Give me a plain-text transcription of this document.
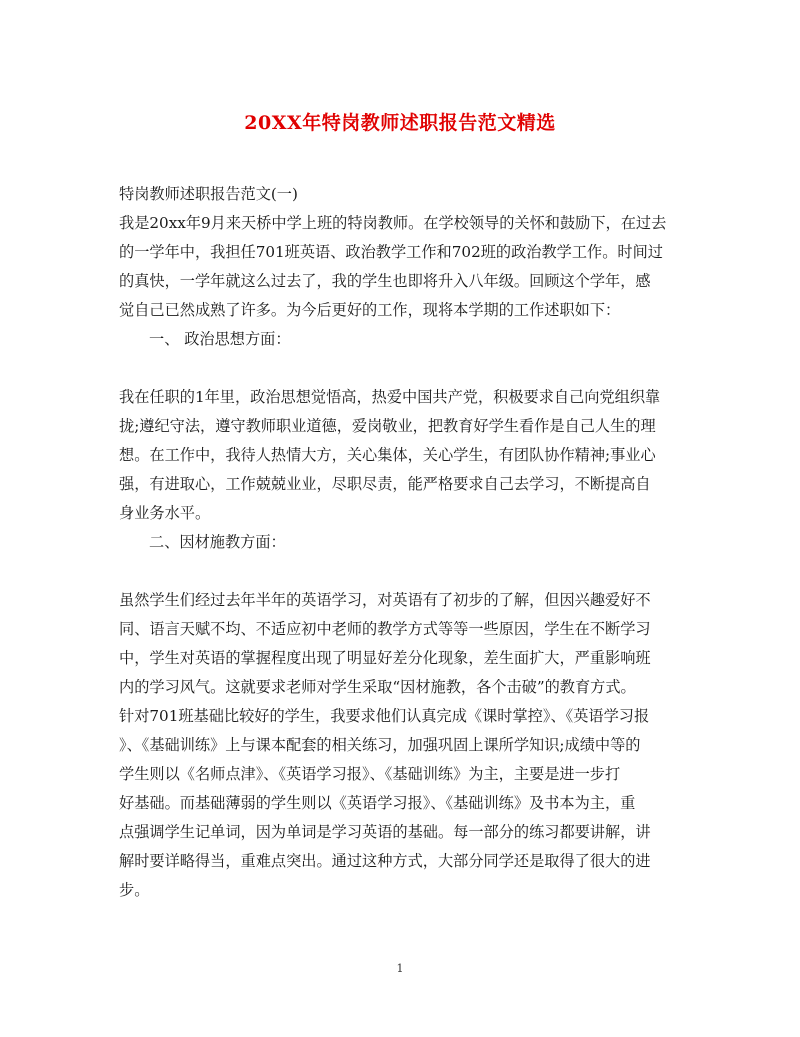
20XX年特岗教师述职报告范文精选
特岗教师述职报告范文(一)
我是20xx年9月来天桥中学上班的特岗教师。在学校领导的关怀和鼓励下，在过去
的一学年中，我担任701班英语、政治教学工作和702班的政治教学工作。时间过
的真快，一学年就这么过去了，我的学生也即将升入八年级。回顾这个学年，感
觉自己已然成熟了许多。为今后更好的工作，现将本学期的工作述职如下：
一、 政治思想方面：
我在任职的1年里，政治思想觉悟高，热爱中国共产党，积极要求自己向党组织靠
拢;遵纪守法，遵守教师职业道德，爱岗敬业，把教育好学生看作是自己人生的理
想。在工作中，我待人热情大方，关心集体，关心学生，有团队协作精神;事业心
强，有进取心，工作兢兢业业，尽职尽责，能严格要求自己去学习，不断提高自
身业务水平。
二、因材施教方面：
虽然学生们经过去年半年的英语学习，对英语有了初步的了解，但因兴趣爱好不
同、语言天赋不均、不适应初中老师的教学方式等等一些原因，学生在不断学习
中，学生对英语的掌握程度出现了明显好差分化现象，差生面扩大，严重影响班
内的学习风气。这就要求老师对学生采取“因材施教，各个击破”的教育方式。
针对701班基础比较好的学生，我要求他们认真完成《课时掌控》、《英语学习报
》、《基础训练》上与课本配套的相关练习，加强巩固上课所学知识;成绩中等的
学生则以《名师点津》、《英语学习报》、《基础训练》为主，主要是进一步打
好基础。而基础薄弱的学生则以《英语学习报》、《基础训练》及书本为主，重
点强调学生记单词，因为单词是学习英语的基础。每一部分的练习都要讲解，讲
解时要详略得当，重难点突出。通过这种方式，大部分同学还是取得了很大的进
步。
1
